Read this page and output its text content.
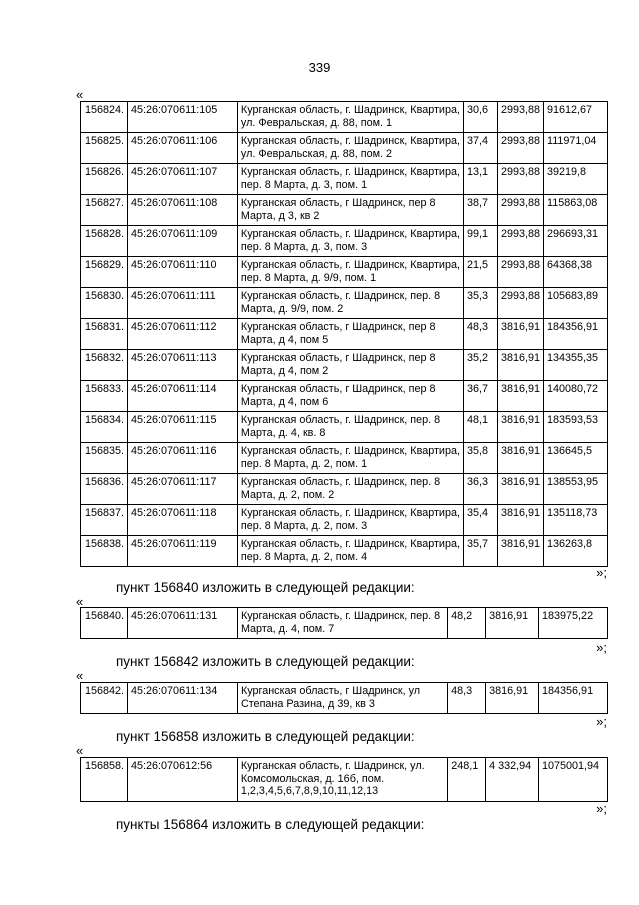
339
«
156824.	45:26:070611:105	Курганская область, г. Шадринск, Квартира, ул. Февральская, д. 88, пом. 1	30,6	2993,88	91612,67
156825.	45:26:070611:106	Курганская область, г. Шадринск, Квартира, ул. Февральская, д. 88, пом. 2	37,4	2993,88	111971,04
156826.	45:26:070611:107	Курганская область, г. Шадринск, Квартира, пер. 8 Марта, д. 3, пом. 1	13,1	2993,88	39219,8
156827.	45:26:070611:108	Курганская область, г Шадринск, пер 8 Марта, д 3, кв 2	38,7	2993,88	115863,08
156828.	45:26:070611:109	Курганская область, г. Шадринск, Квартира, пер. 8 Марта, д. 3, пом. 3	99,1	2993,88	296693,31
156829.	45:26:070611:110	Курганская область, г. Шадринск, Квартира, пер. 8 Марта, д. 9/9, пом. 1	21,5	2993,88	64368,38
156830.	45:26:070611:111	Курганская область, г. Шадринск, пер. 8 Марта, д. 9/9, пом. 2	35,3	2993,88	105683,89
156831.	45:26:070611:112	Курганская область, г Шадринск, пер 8 Марта, д 4, пом 5	48,3	3816,91	184356,91
156832.	45:26:070611:113	Курганская область, г Шадринск, пер 8 Марта, д 4, пом 2	35,2	3816,91	134355,35
156833.	45:26:070611:114	Курганская область, г Шадринск, пер 8 Марта, д 4, пом 6	36,7	3816,91	140080,72
156834.	45:26:070611:115	Курганская область, г. Шадринск, пер. 8 Марта, д. 4, кв. 8	48,1	3816,91	183593,53
156835.	45:26:070611:116	Курганская область, г. Шадринск, Квартира, пер. 8 Марта, д. 2, пом. 1	35,8	3816,91	136645,5
156836.	45:26:070611:117	Курганская область, г. Шадринск, пер. 8 Марта, д. 2, пом. 2	36,3	3816,91	138553,95
156837.	45:26:070611:118	Курганская область, г. Шадринск, Квартира, пер. 8 Марта, д. 2, пом. 3	35,4	3816,91	135118,73
156838.	45:26:070611:119	Курганская область, г. Шадринск, Квартира, пер. 8 Марта, д. 2, пом. 4	35,7	3816,91	136263,8
»;
пункт 156840 изложить в следующей редакции:
«
156840.	45:26:070611:131	Курганская область, г. Шадринск, пер. 8 Марта, д. 4, пом. 7	48,2	3816,91	183975,22
»;
пункт 156842 изложить в следующей редакции:
«
156842.	45:26:070611:134	Курганская область, г Шадринск, ул Степана Разина, д 39, кв 3	48,3	3816,91	184356,91
»;
пункт 156858 изложить в следующей редакции:
«
156858.	45:26:070612:56	Курганская область, г. Шадринск, ул. Комсомольская, д. 16б, пом. 1,2,3,4,5,6,7,8,9,10,11,12,13	248,1	4 332,94	1075001,94
»;
пункты 156864 изложить в следующей редакции:
